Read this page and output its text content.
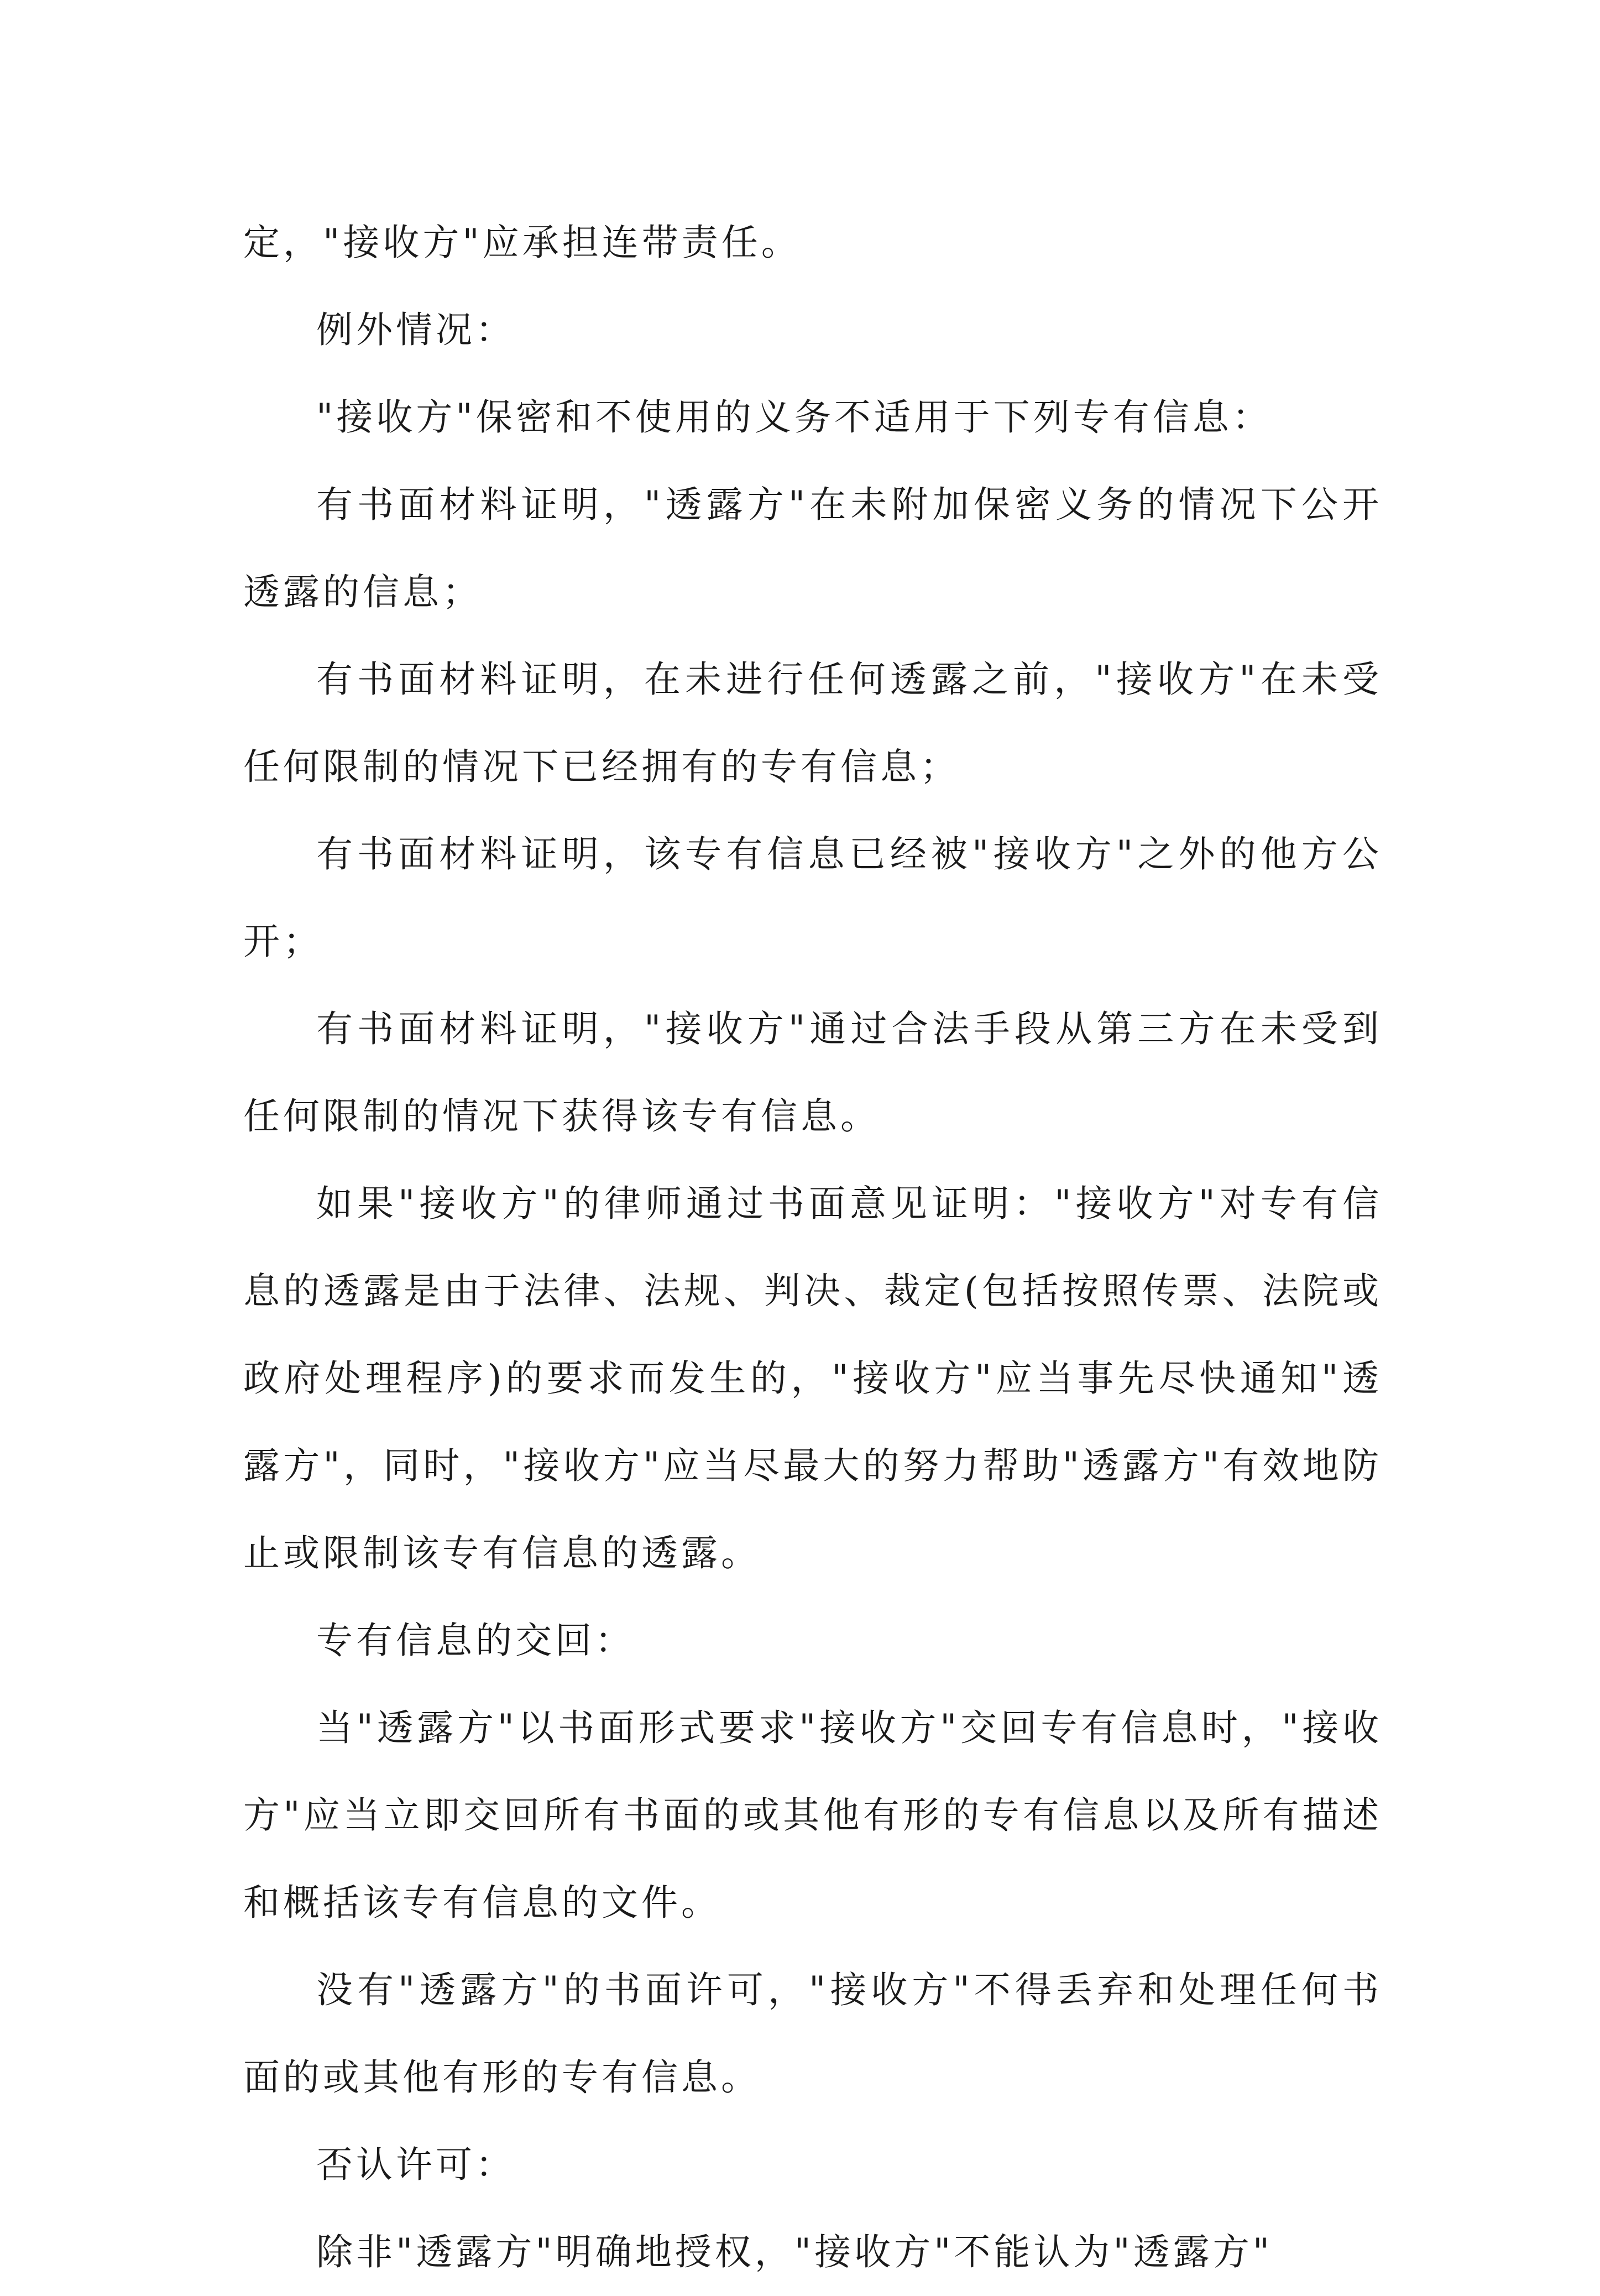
定，"接收方"应承担连带责任。

例外情况：

"接收方"保密和不使用的义务不适用于下列专有信息：

有书面材料证明，"透露方"在未附加保密义务的情况下公开透露的信息；

有书面材料证明，在未进行任何透露之前，"接收方"在未受任何限制的情况下已经拥有的专有信息；

有书面材料证明，该专有信息已经被"接收方"之外的他方公开；

有书面材料证明，"接收方"通过合法手段从第三方在未受到任何限制的情况下获得该专有信息。

如果"接收方"的律师通过书面意见证明："接收方"对专有信息的透露是由于法律、法规、判决、裁定(包括按照传票、法院或政府处理程序)的要求而发生的，"接收方"应当事先尽快通知"透露方"，同时，"接收方"应当尽最大的努力帮助"透露方"有效地防止或限制该专有信息的透露。

专有信息的交回：

当"透露方"以书面形式要求"接收方"交回专有信息时，"接收方"应当立即交回所有书面的或其他有形的专有信息以及所有描述和概括该专有信息的文件。

没有"透露方"的书面许可，"接收方"不得丢弃和处理任何书面的或其他有形的专有信息。

否认许可：

除非"透露方"明确地授权，"接收方"不能认为"透露方"
